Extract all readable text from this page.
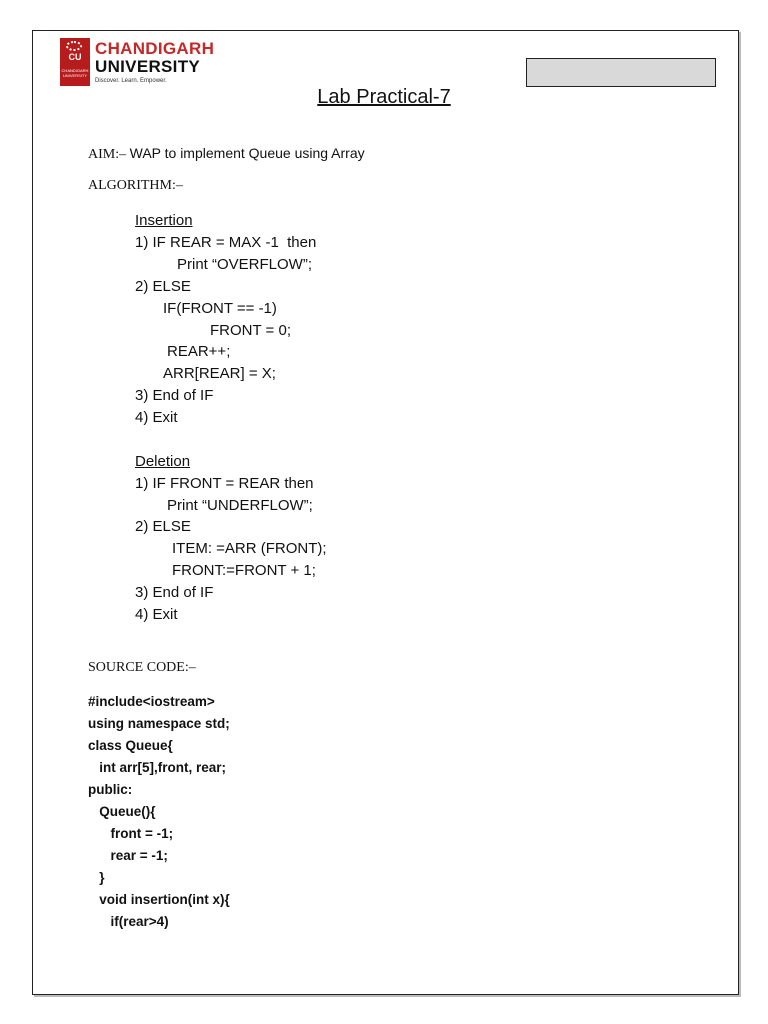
CU
CHANDIGARH UNIVERSITY
CHANDIGARH
UNIVERSITY
Discover. Learn. Empower.
Lab Practical-7
AIM:– WAP to implement Queue using Array
ALGORITHM:–
Insertion
1) IF REAR = MAX -1  then
Print “OVERFLOW”;
2) ELSE
IF(FRONT == -1)
FRONT = 0;
REAR++;
ARR[REAR] = X;
3) End of IF
4) Exit
Deletion
1) IF FRONT = REAR then
Print “UNDERFLOW”;
2) ELSE
ITEM: =ARR (FRONT);
FRONT:=FRONT + 1;
3) End of IF
4) Exit
SOURCE CODE:–
#include<iostream>
using namespace std;
class Queue{
int arr[5],front, rear;
public:
Queue(){
front = -1;
rear = -1;
}
void insertion(int x){
if(rear>4)
